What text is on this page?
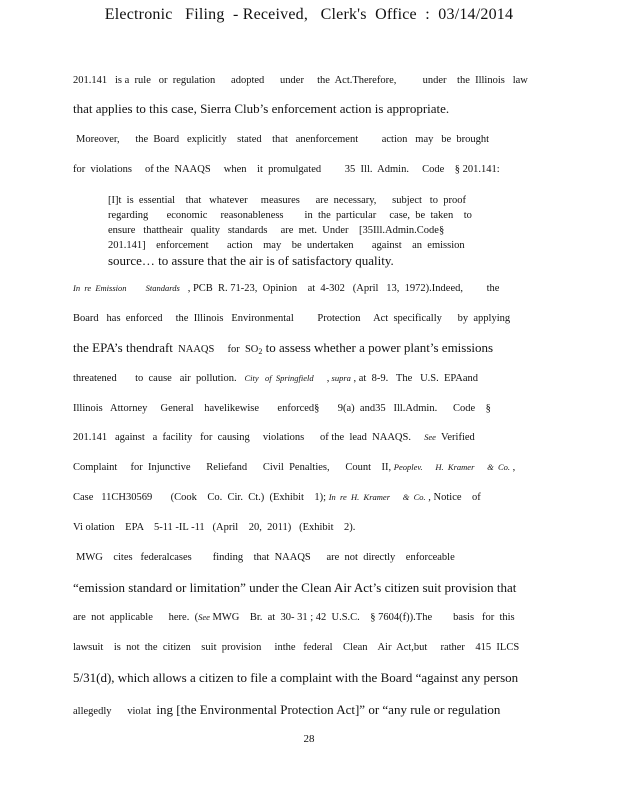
Electronic   Filing  - Received,   Clerk's  Office  :  03/14/2014
201.141   is a  rule   or  regulation      adopted      under     the  Act.Therefore,          under    the  Illinois   law
that applies to this case, Sierra Club’s enforcement action is appropriate.
Moreover,      the  Board   explicitly    stated    that   anenforcement         action   may   be  brought
for  violations     of the  NAAQS     when    it  promulgated         35  Ill.  Admin.     Code    § 201.141:
[I]t  is  essential    that   whatever     measures      are  necessary,      subject   to  proof
regarding       economic     reasonableness        in  the  particular     case,  be  taken    to
ensure   thattheair   quality   standards     are  met.  Under    [35Ill.Admin.Code§
201.141]    enforcement       action    may    be  undertaken       against    an  emission
source… to assure that the air is of satisfactory quality.
In  re  Emission         Standards   , PCB  R. 71-23,  Opinion    at  4-302   (April   13,  1972).Indeed,         the
Board   has  enforced     the  Illinois   Environmental         Protection     Act  specifically      by  applying
the EPA’s thendraft  NAAQS     for  $SO_2$ to assess whether a power plant’s emissions
threatened       to  cause   air  pollution.   City   of  Springfield     , supra , at  8-9.   The   U.S.  EPAand
Illinois   Attorney     General    havelikewise       enforced§       9(a)  and35   Ill.Admin.      Code    §
201.141   against   a  facility   for  causing     violations      of the  lead  NAAQS.     See  Verified
Complaint     for  Injunctive      Reliefand      Civil  Penalties,      Count    II, Peoplev.      H.  Kramer      &  Co. ,
Case   11CH30569       (Cook    Co.  Cir.  Ct.)  (Exhibit    1); In  re  H.  Kramer      &  Co. , Notice    of
Vi olation    EPA    5-11 -IL -11   (April    20,  2011)   (Exhibit    2).
MWG    cites   federalcases        finding    that  NAAQS      are  not  directly    enforceable
“emission standard or limitation” under the Clean Air Act’s citizen suit provision that
are  not  applicable      here.  (See MWG    Br.  at  30- 31 ; 42  U.S.C.    § 7604(f)).The        basis   for  this
lawsuit    is  not  the  citizen    suit  provision     inthe   federal    Clean    Air  Act,but     rather    415  ILCS
5/31(d), which allows a citizen to file a complaint with the Board “against any person
allegedly      violat  ing [the Environmental Protection Act]” or “any rule or regulation
28
